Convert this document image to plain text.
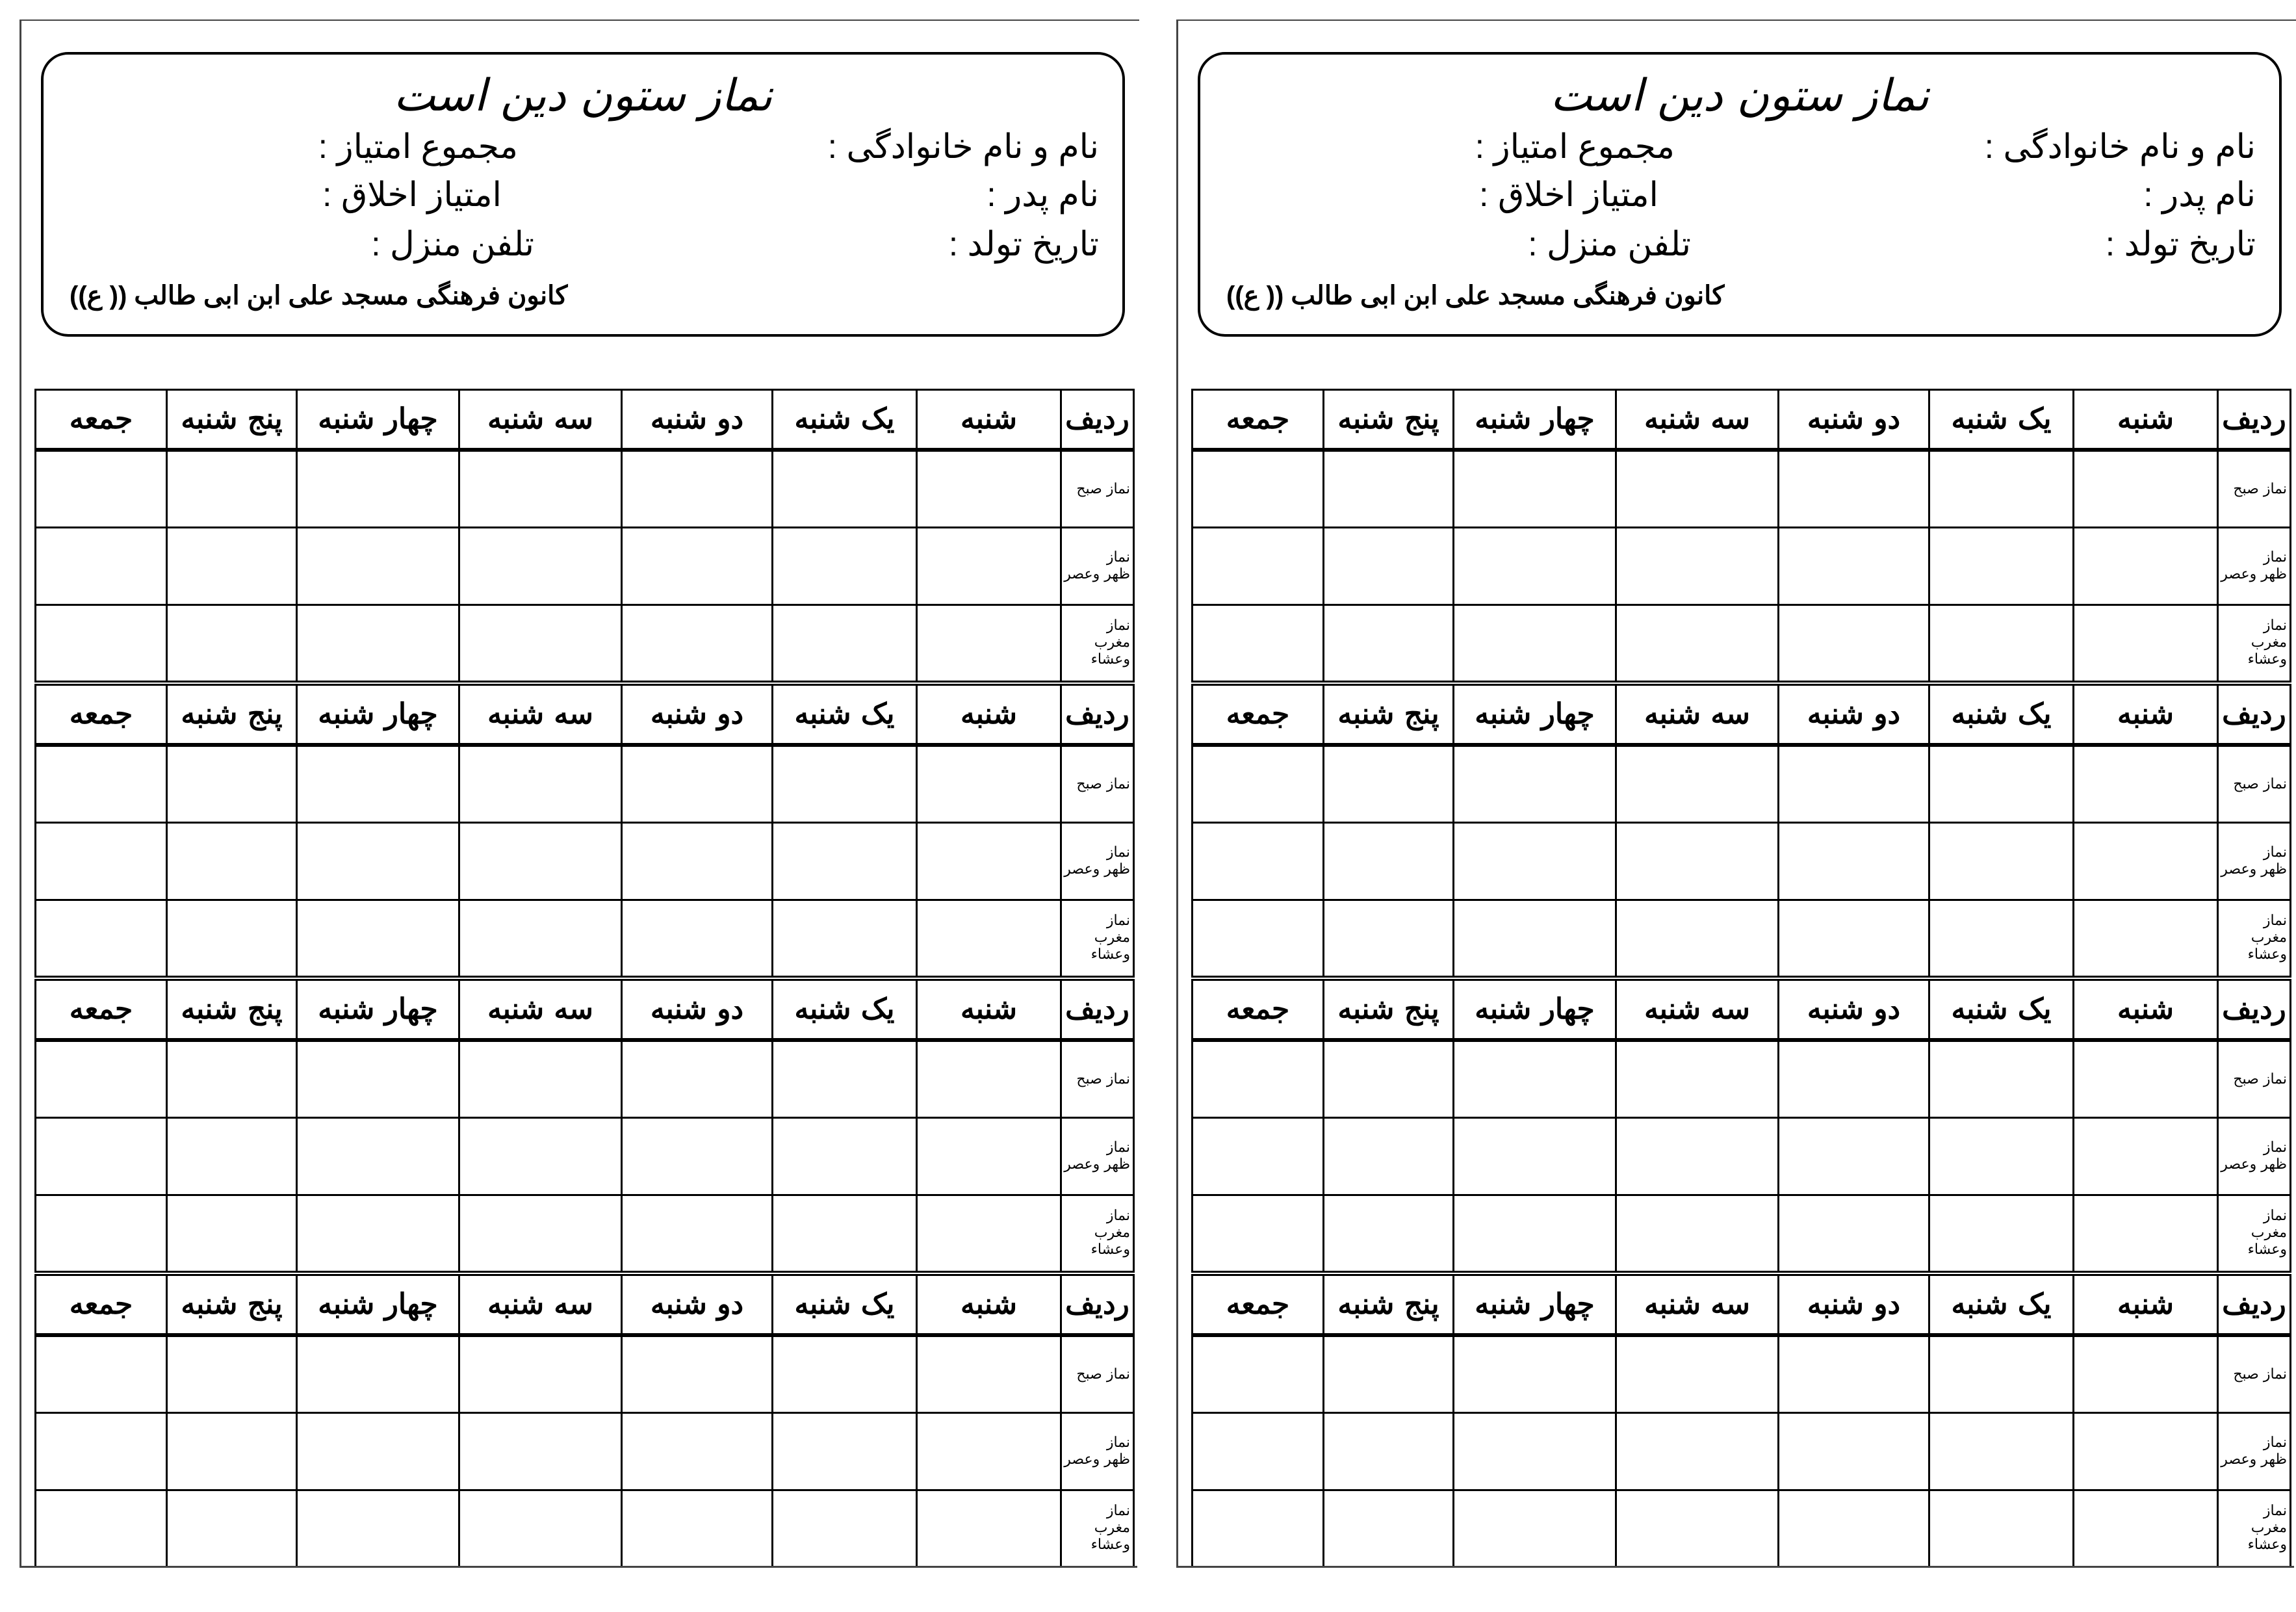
نماز ستون دین است
نام و نام خانوادگی :
مجموع امتیاز :
نام پدر :
امتیاز اخلاق :
تاریخ تولد :
تلفن منزل :
کانون فرهنگی مسجد علی ابن ابی طالب (( ع))
ردیف	شنبه	یک شنبه	دو شنبه	سه شنبه	چهار شنبه	پنج شنبه	جمعه

نماز صبح							

نماز
ظهر وعصر							

نماز
مغرب وعشاء							

ردیف	شنبه	یک شنبه	دو شنبه	سه شنبه	چهار شنبه	پنج شنبه	جمعه

نماز صبح							

نماز
ظهر وعصر							

نماز
مغرب وعشاء							

ردیف	شنبه	یک شنبه	دو شنبه	سه شنبه	چهار شنبه	پنج شنبه	جمعه

نماز صبح							

نماز
ظهر وعصر							

نماز
مغرب وعشاء							

ردیف	شنبه	یک شنبه	دو شنبه	سه شنبه	چهار شنبه	پنج شنبه	جمعه

نماز صبح							

نماز
ظهر وعصر							

نماز
مغرب وعشاء							

نماز ستون دین است
نام و نام خانوادگی :
مجموع امتیاز :
نام پدر :
امتیاز اخلاق :
تاریخ تولد :
تلفن منزل :
کانون فرهنگی مسجد علی ابن ابی طالب (( ع))
ردیف	شنبه	یک شنبه	دو شنبه	سه شنبه	چهار شنبه	پنج شنبه	جمعه

نماز صبح							

نماز
ظهر وعصر							

نماز
مغرب وعشاء							

ردیف	شنبه	یک شنبه	دو شنبه	سه شنبه	چهار شنبه	پنج شنبه	جمعه

نماز صبح							

نماز
ظهر وعصر							

نماز
مغرب وعشاء							

ردیف	شنبه	یک شنبه	دو شنبه	سه شنبه	چهار شنبه	پنج شنبه	جمعه

نماز صبح							

نماز
ظهر وعصر							

نماز
مغرب وعشاء							

ردیف	شنبه	یک شنبه	دو شنبه	سه شنبه	چهار شنبه	پنج شنبه	جمعه

نماز صبح							

نماز
ظهر وعصر							

نماز
مغرب وعشاء							
